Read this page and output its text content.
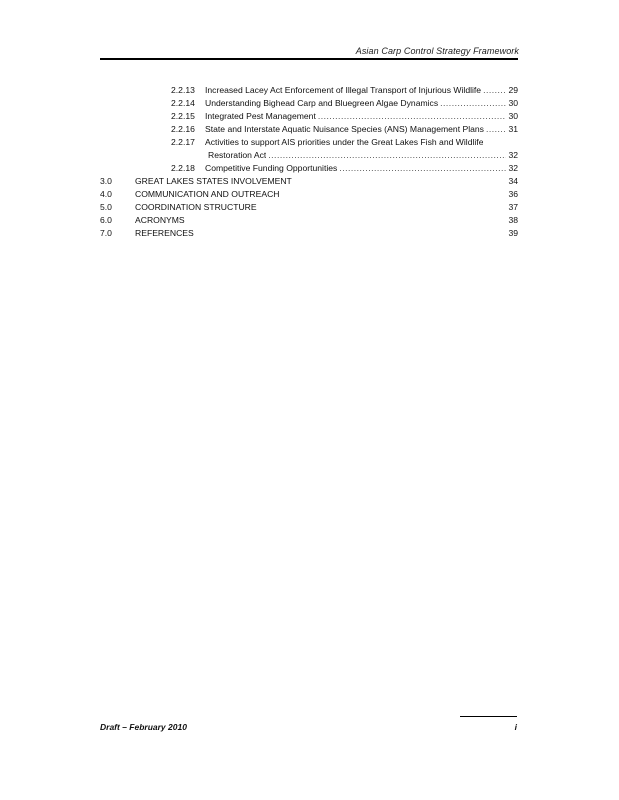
Asian Carp Control Strategy Framework
2.2.13	Increased Lacey Act Enforcement of Illegal Transport of Injurious Wildlife .....	29
2.2.14	Understanding Bighead Carp and Bluegreen Algae Dynamics .....	30
2.2.15	Integrated Pest Management .....	30
2.2.16	State and Interstate Aquatic Nuisance Species (ANS) Management Plans .....	31
2.2.17	Activities to support AIS priorities under the Great Lakes Fish and Wildlife
Restoration Act .....	32
2.2.18	Competitive Funding Opportunities .....	32
3.0	GREAT LAKES STATES INVOLVEMENT	34
4.0	COMMUNICATION AND OUTREACH	36
5.0	COORDINATION STRUCTURE	37
6.0	ACRONYMS	38
7.0	REFERENCES	39
Draft – February 2010	i
